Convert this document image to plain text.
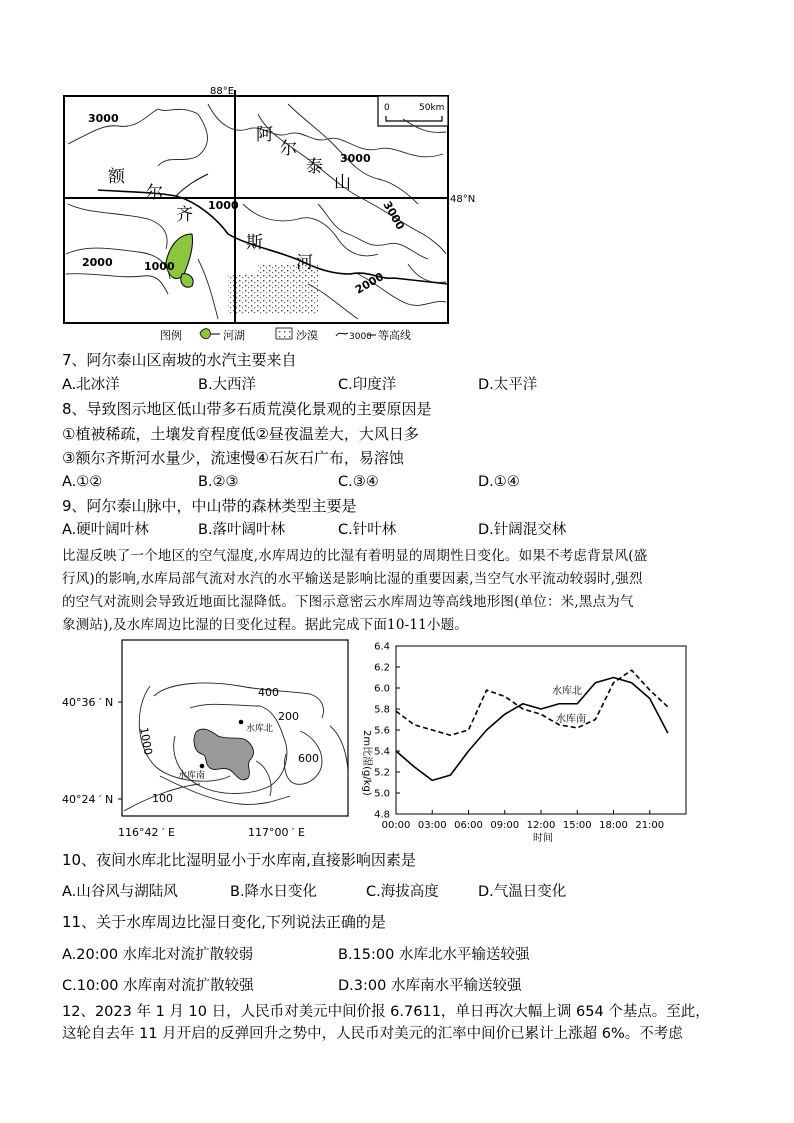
0	50km
88°E
48°N
3000
3000
3000
1000
2000	1000
2000
阿
尔
泰
山
额
尔
齐
斯
河
图例	河湖	沙漠	3000 等高线
7、阿尔泰山区南坡的水汽主要来自
A.北冰洋	B.大西洋	C.印度洋	D.太平洋
8、导致图示地区低山带多石质荒漠化景观的主要原因是
①植被稀疏，土壤发育程度低②昼夜温差大，大风日多
③额尔齐斯河水量少，流速慢④石灰石广布，易溶蚀
A.①②	B.②③	C.③④	D.①④
9、阿尔泰山脉中，中山带的森林类型主要是
A.硬叶阔叶林	B.落叶阔叶林	C.针叶林	D.针阔混交林
比湿反映了一个地区的空气湿度,水库周边的比湿有着明显的周期性日变化。如果不考虑背景风(盛
行风)的影响,水库局部气流对水汽的水平输送是影响比湿的重要因素,当空气水平流动较弱时,强烈
的空气对流则会导致近地面比湿降低。下图示意密云水库周边等高线地形图(单位：米,黑点为气
象测站),及水库周边比湿的日变化过程。据此完成下面10-11小题。
水库北
水库南
400
200
1000
600
100
40°36 ′ N
40°24 ′ N
116°42 ′ E	117°00 ′ E
4.8
5.0
5.2
5.4
5.6
5.8
6.0
6.2
6.4
00:00 03:00 06:00 09:00 12:00 15:00 18:00 21:00
水库北
水库南
时间
2m比湿(g/kg)
10、夜间水库北比湿明显小于水库南,直接影响因素是
A.山谷风与湖陆风	B.降水日变化	C.海拔高度	D.气温日变化
11、关于水库周边比湿日变化,下列说法正确的是
A.20:00 水库北对流扩散较弱	B.15:00 水库北水平输送较强
C.10:00 水库南对流扩散较强	D.3:00 水库南水平输送较强
12、2023 年 1 月 10 日，人民币对美元中间价报 6.7611，单日再次大幅上调 654 个基点。至此，
这轮自去年 11 月开启的反弹回升之势中，人民币对美元的汇率中间价已累计上涨超 6%。不考虑
